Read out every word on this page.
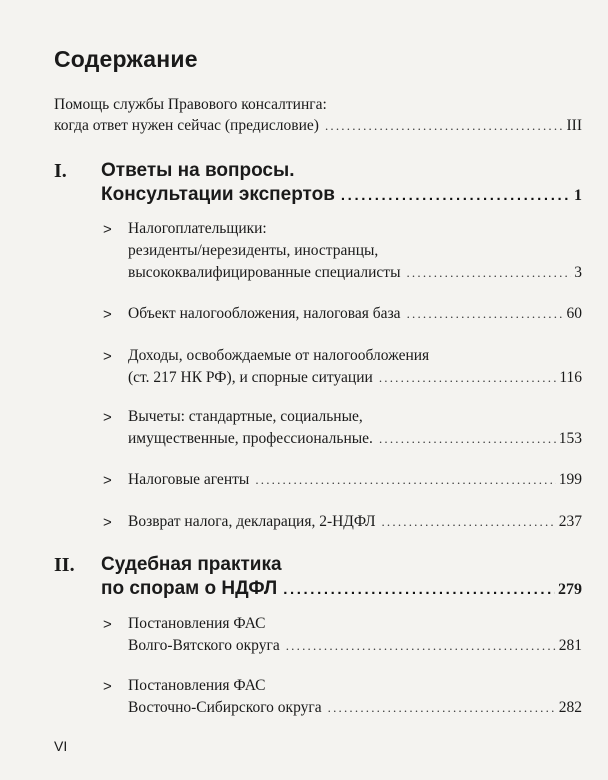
Содержание
Помощь службы Правового консалтинга:
когда ответ нужен сейчас (предисловие) .....	III
I. Ответы на вопросы.
Консультации экспертов .....	1
> Налогоплательщики:
резиденты/нерезиденты, иностранцы,
высококвалифицированные специалисты .....	3
> Объект налогообложения, налоговая база .....	60
> Доходы, освобождаемые от налогообложения
(ст. 217 НК РФ), и спорные ситуации .....	116
> Вычеты: стандартные, социальные,
имущественные, профессиональные. .....	153
> Налоговые агенты .....	199
> Возврат налога, декларация, 2-НДФЛ .....	237
II. Судебная практика
по спорам о НДФЛ .....	279
> Постановления ФАС
Волго-Вятского округа .....	281
> Постановления ФАС
Восточно-Сибирского округа .....	282
VI
